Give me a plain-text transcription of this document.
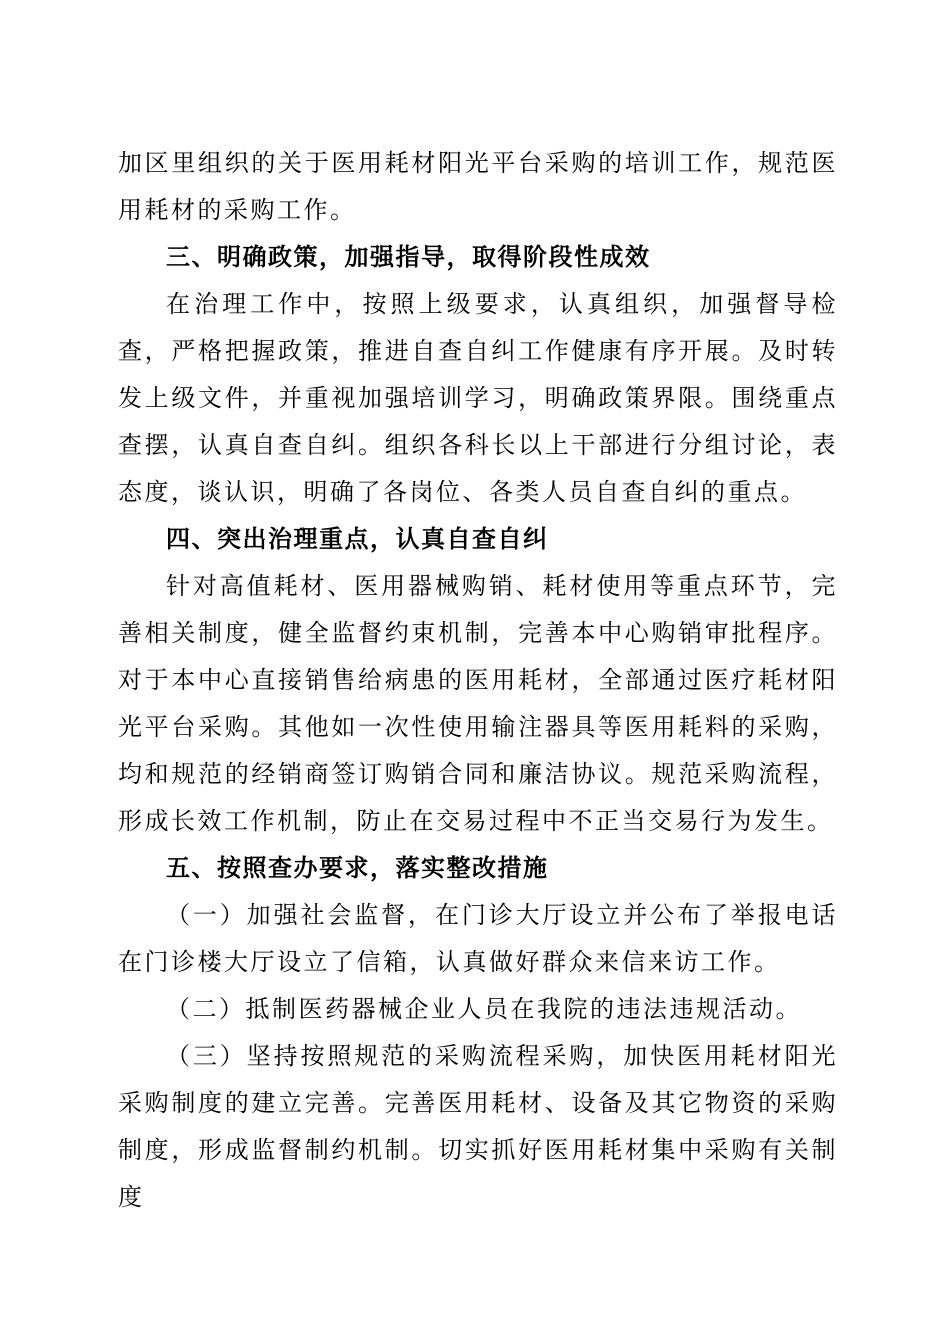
加区里组织的关于医用耗材阳光平台采购的培训工作，规范医用耗材的采购工作。

三、明确政策，加强指导，取得阶段性成效

在治理工作中，按照上级要求，认真组织，加强督导检查，严格把握政策，推进自查自纠工作健康有序开展。及时转发上级文件，并重视加强培训学习，明确政策界限。围绕重点查摆，认真自查自纠。组织各科长以上干部进行分组讨论，表态度，谈认识，明确了各岗位、各类人员自查自纠的重点。

四、突出治理重点，认真自查自纠

针对高值耗材、医用器械购销、耗材使用等重点环节，完善相关制度，健全监督约束机制，完善本中心购销审批程序。对于本中心直接销售给病患的医用耗材，全部通过医疗耗材阳光平台采购。其他如一次性使用输注器具等医用耗料的采购，均和规范的经销商签订购销合同和廉洁协议。规范采购流程，形成长效工作机制，防止在交易过程中不正当交易行为发生。

五、按照查办要求，落实整改措施

（一）加强社会监督，在门诊大厅设立并公布了举报电话在门诊楼大厅设立了信箱，认真做好群众来信来访工作。

（二）抵制医药器械企业人员在我院的违法违规活动。

（三）坚持按照规范的采购流程采购，加快医用耗材阳光采购制度的建立完善。完善医用耗材、设备及其它物资的采购制度，形成监督制约机制。切实抓好医用耗材集中采购有关制度
